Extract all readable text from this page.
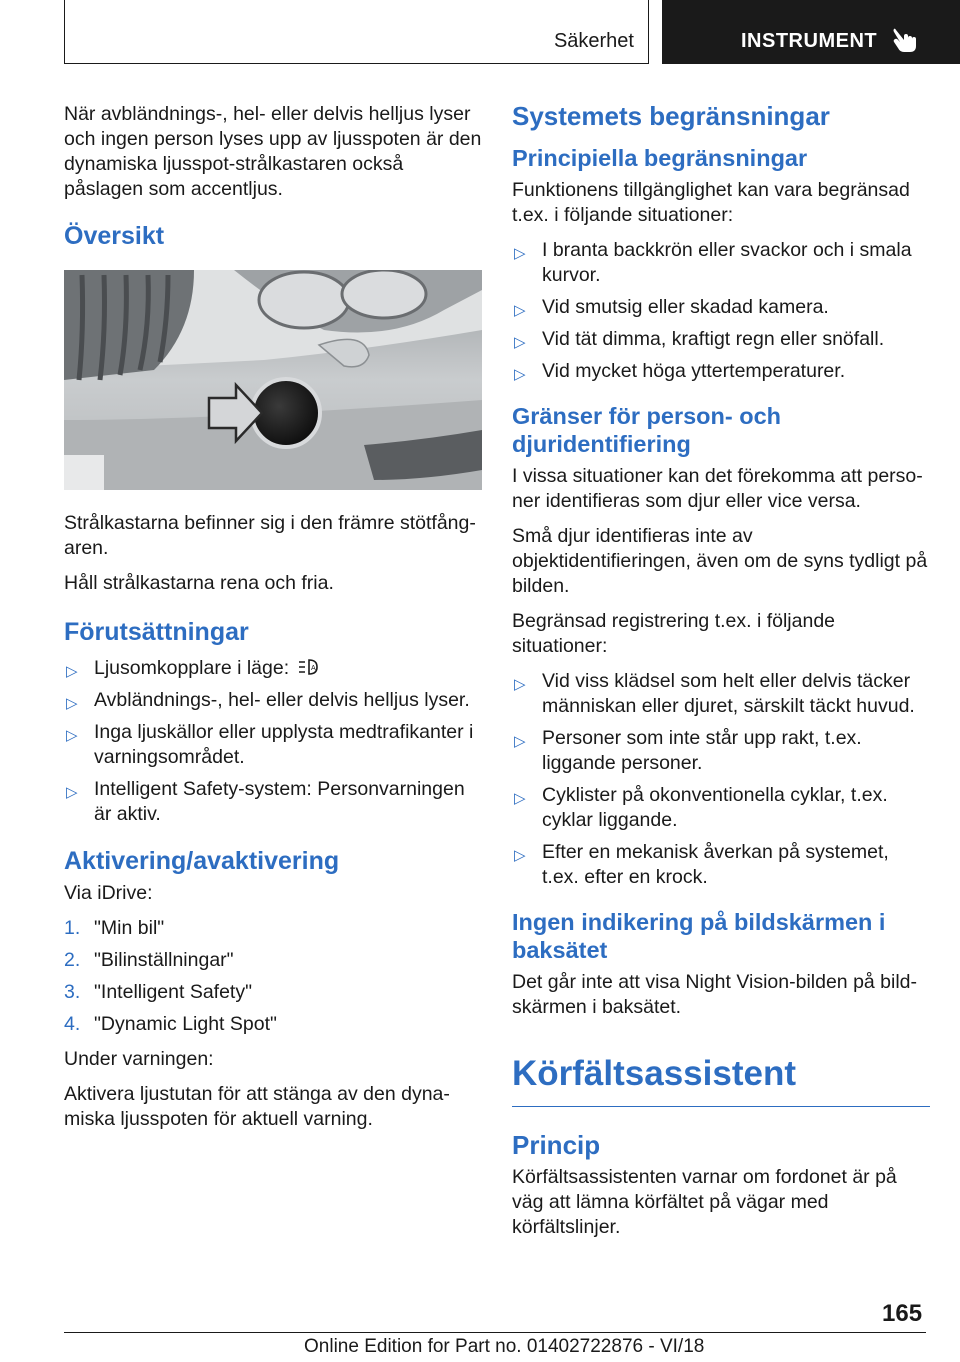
Säkerhet	INSTRUMENT

När avbländnings-, hel- eller delvis helljus lyser och ingen person lyses upp av ljusspoten är den dynamiska ljusspot-strålkastaren också påslagen som accentljus.

Översikt

Strålkastarna befinner sig i den främre stötfång-aren.

Håll strålkastarna rena och fria.

Förutsättningar
▷ Ljusomkopplare i läge:	A
▷ Avbländnings-, hel- eller delvis helljus lyser.
▷ Inga ljuskällor eller upplysta medtrafikanter i varningsområdet.
▷ Intelligent Safety-system: Personvarningen är aktiv.
Aktivering/avaktivering

Via iDrive:

1. "Min bil"
2. "Bilinställningar"
3. "Intelligent Safety"
4. "Dynamic Light Spot"

Under varningen:

Aktivera ljustutan för att stänga av den dyna-miska ljusspoten för aktuell varning.

Systemets begränsningar
Principiella begränsningar

Funktionens tillgänglighet kan vara begränsad t.ex. i följande situationer:

▷ I branta backkrön eller svackor och i smala kurvor.
▷ Vid smutsig eller skadad kamera.
▷ Vid tät dimma, kraftigt regn eller snöfall.
▷ Vid mycket höga yttertemperaturer.
Gränser för person- och djuridentifiering

I vissa situationer kan det förekomma att perso-ner identifieras som djur eller vice versa.

Små djur identifieras inte av objektidentifieringen, även om de syns tydligt på bilden.

Begränsad registrering t.ex. i följande situationer:

▷ Vid viss klädsel som helt eller delvis täcker människan eller djuret, särskilt täckt huvud.
▷ Personer som inte står upp rakt, t.ex. liggande personer.
▷ Cyklister på okonventionella cyklar, t.ex. cyklar liggande.
▷ Efter en mekanisk åverkan på systemet, t.ex. efter en krock.
Ingen indikering på bildskärmen i baksätet

Det går inte att visa Night Vision-bilden på bild-skärmen i baksätet.

Körfältsassistent
Princip

Körfältsassistenten varnar om fordonet är på väg att lämna körfältet på vägar med körfältslinjer.

165
Online Edition for Part no. 01402722876 - VI/18
